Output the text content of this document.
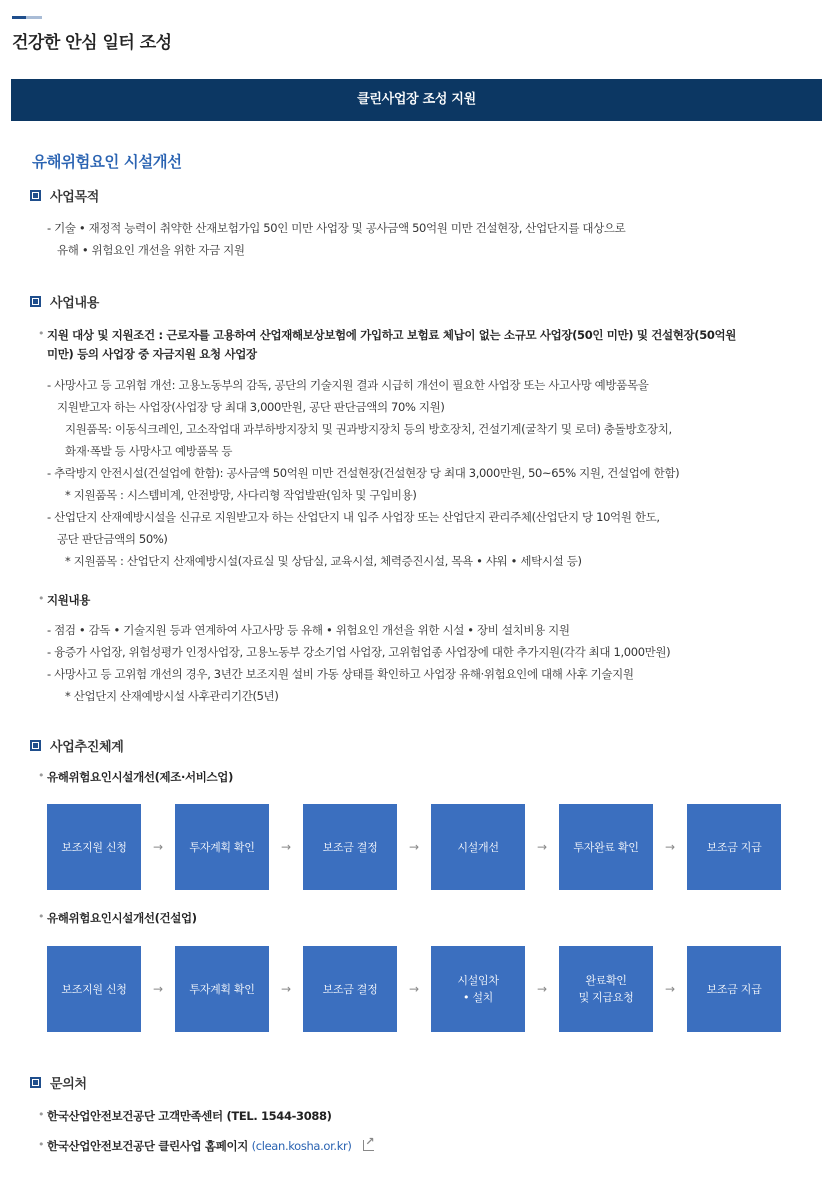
건강한 안심 일터 조성
클린사업장 조성 지원
유해위험요인 시설개선
사업목적
- 기술 • 재정적 능력이 취약한 산재보험가입 50인 미만 사업장 및 공사금액 50억원 미만 건설현장, 산업단지를 대상으로
유해 • 위험요인 개선을 위한 자금 지원
사업내용
• 지원 대상 및 지원조건 : 근로자를 고용하여 산업재해보상보험에 가입하고 보험료 체납이 없는 소규모 사업장(50인 미만) 및 건설현장(50억원
미만) 등의 사업장 중 자금지원 요청 사업장
- 사망사고 등 고위험 개선: 고용노동부의 감독, 공단의 기술지원 결과 시급히 개선이 필요한 사업장 또는 사고사망 예방품목을
지원받고자 하는 사업장(사업장 당 최대 3,000만원, 공단 판단금액의 70% 지원)
지원품목: 이동식크레인, 고소작업대 과부하방지장치 및 권과방지장치 등의 방호장치, 건설기계(굴착기 및 로더) 충돌방호장치,
화재·폭발 등 사망사고 예방품목 등
- 추락방지 안전시설(건설업에 한함): 공사금액 50억원 미만 건설현장(건설현장 당 최대 3,000만원, 50~65% 지원, 건설업에 한함)
* 지원품목 : 시스템비계, 안전방망, 사다리형 작업발판(임차 및 구입비용)
- 산업단지 산재예방시설을 신규로 지원받고자 하는 산업단지 내 입주 사업장 또는 산업단지 관리주체(산업단지 당 10억원 한도,
공단 판단금액의 50%)
* 지원품목 : 산업단지 산재예방시설(자료실 및 상담실, 교육시설, 체력증진시설, 목욕 • 샤워 • 세탁시설 등)
• 지원내용
- 점검 • 감독 • 기술지원 등과 연계하여 사고사망 등 유해 • 위험요인 개선을 위한 시설 • 장비 설치비용 지원
- 융증가 사업장, 위험성평가 인정사업장, 고용노동부 강소기업 사업장, 고위험업종 사업장에 대한 추가지원(각각 최대 1,000만원)
- 사망사고 등 고위험 개선의 경우, 3년간 보조지원 설비 가동 상태를 확인하고 사업장 유해·위험요인에 대해 사후 기술지원
* 산업단지 산재예방시설 사후관리기간(5년)
사업추진체계
• 유해위험요인시설개선(제조·서비스업)
보조지원 신청	→	투자계획 확인	→	보조금 결정	→	시설개선	→	투자완료 확인	→	보조금 지급
• 유해위험요인시설개선(건설업)
보조지원 신청	→	투자계획 확인	→	보조금 결정	→
시설임차
• 설치
→
완료확인
및 지급요청
→	보조금 지급
문의처
• 한국산업안전보건공단 고객만족센터 (TEL. 1544-3088)
• 한국산업안전보건공단 클린사업 홈페이지 (clean.kosha.or.kr) ↗
